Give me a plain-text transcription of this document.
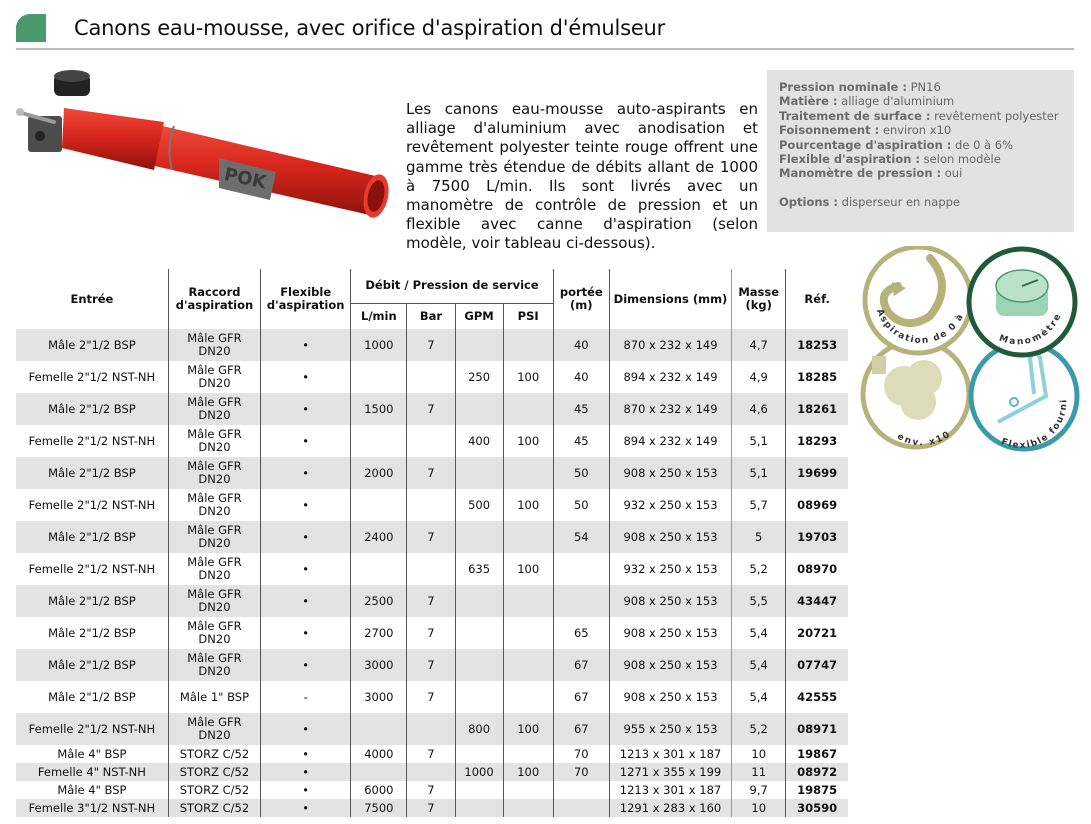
Canons eau-mousse, avec orifice d'aspiration d'émulseur
POK
Les canons eau-mousse auto-aspirants en alliage d'aluminium avec anodisation et revêtement polyester teinte rouge offrent une gamme très étendue de débits allant de 1000 à 7500 L/min. Ils sont livrés avec un manomètre de contrôle de pression et un flexible avec canne d'aspiration (selon modèle, voir tableau ci-dessous).
Pression nominale : PN16
Matière : alliage d'aluminium
Traitement de surface : revêtement polyester
Foisonnement : environ x10
Pourcentage d'aspiration : de 0 à 6%
Flexible d'aspiration : selon modèle
Manomètre de pression : oui
Options : disperseur en nappe
env. x10
Flexible fourni
Aspiration de 0 à
Manomètre
Entrée	Raccord d'aspiration	Flexible d'aspiration	Débit / Pression de service				portée (m)	Dimensions (mm)	Masse (kg)	Réf.
			L/min	Bar	GPM	PSI				
Mâle 2"1/2 BSP	Mâle GFR DN20	•	1000	7			40	870 x 232 x 149	4,7	18253
Femelle 2"1/2 NST-NH	Mâle GFR DN20	•			250	100	40	894 x 232 x 149	4,9	18285
Mâle 2"1/2 BSP	Mâle GFR DN20	•	1500	7			45	870 x 232 x 149	4,6	18261
Femelle 2"1/2 NST-NH	Mâle GFR DN20	•			400	100	45	894 x 232 x 149	5,1	18293
Mâle 2"1/2 BSP	Mâle GFR DN20	•	2000	7			50	908 x 250 x 153	5,1	19699
Femelle 2"1/2 NST-NH	Mâle GFR DN20	•			500	100	50	932 x 250 x 153	5,7	08969
Mâle 2"1/2 BSP	Mâle GFR DN20	•	2400	7			54	908 x 250 x 153	5	19703
Femelle 2"1/2 NST-NH	Mâle GFR DN20	•			635	100		932 x 250 x 153	5,2	08970
Mâle 2"1/2 BSP	Mâle GFR DN20	•	2500	7				908 x 250 x 153	5,5	43447
Mâle 2"1/2 BSP	Mâle GFR DN20	•	2700	7			65	908 x 250 x 153	5,4	20721
Mâle 2"1/2 BSP	Mâle GFR DN20	•	3000	7			67	908 x 250 x 153	5,4	07747
Mâle 2"1/2 BSP	Mâle 1" BSP	-	3000	7			67	908 x 250 x 153	5,4	42555
Femelle 2"1/2 NST-NH	Mâle GFR DN20	•			800	100	67	955 x 250 x 153	5,2	08971
Mâle 4" BSP	STORZ C/52	•	4000	7			70	1213 x 301 x 187	10	19867
Femelle 4" NST-NH	STORZ C/52	•			1000	100	70	1271 x 355 x 199	11	08972
Mâle 4" BSP	STORZ C/52	•	6000	7				1213 x 301 x 187	9,7	19875
Femelle 3"1/2 NST-NH	STORZ C/52	•	7500	7				1291 x 283 x 160	10	30590
